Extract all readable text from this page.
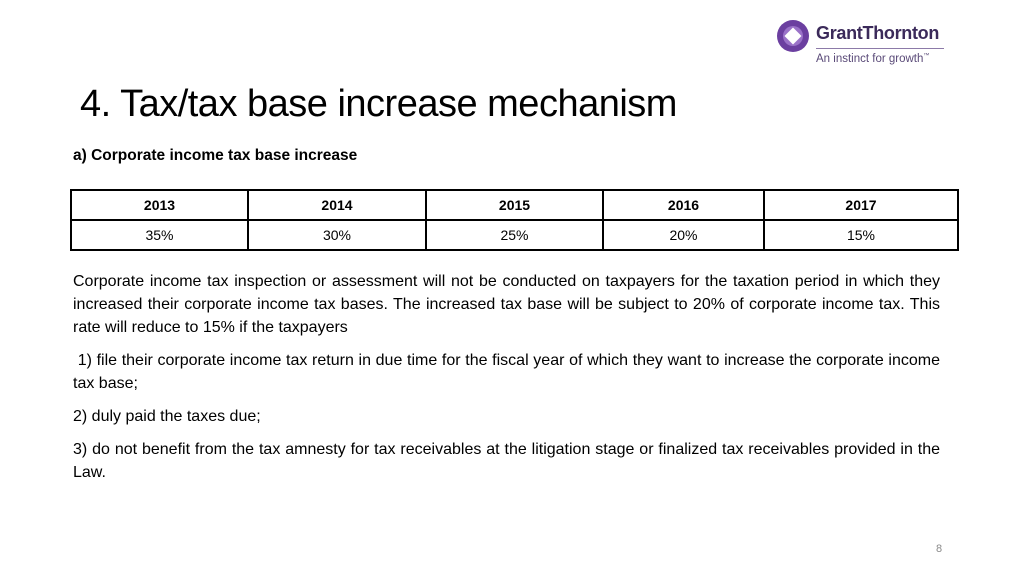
GrantThornton
An instinct for growth™
4. Tax/tax base increase mechanism
a) Corporate income tax base increase
2013	2014	2015	2016	2017
35%	30%	25%	20%	15%

Corporate income tax inspection or assessment will not be conducted on taxpayers for the taxation period in which they increased their corporate income tax bases. The increased tax base will be subject to 20% of corporate income tax. This rate will reduce to 15% if the taxpayers

1) file their corporate income tax return in due time for the fiscal year of which they want to increase the corporate income tax base;

2) duly paid the taxes due;

3) do not benefit from the tax amnesty for tax receivables at the litigation stage or finalized tax receivables provided in the Law.

8
